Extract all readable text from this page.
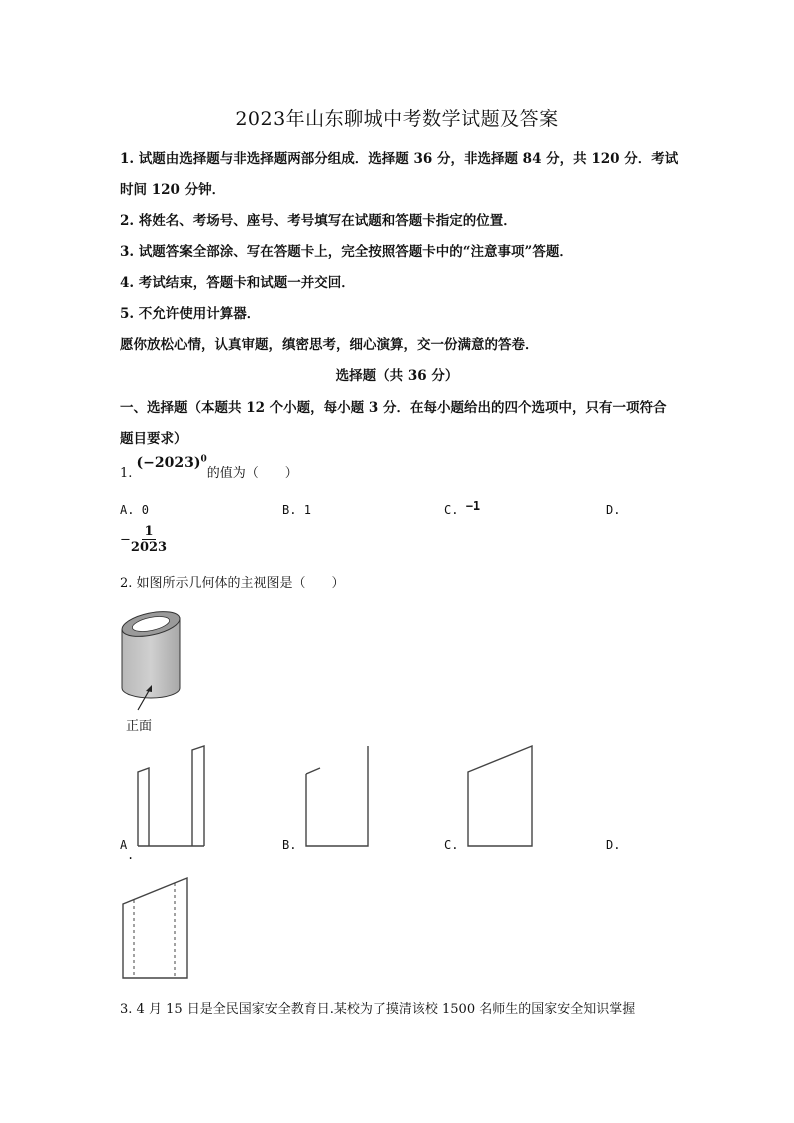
2023年山东聊城中考数学试题及答案
1. 试题由选择题与非选择题两部分组成．选择题 36 分，非选择题 84 分，共 120 分．考试
时间 120 分钟．
2. 将姓名、考场号、座号、考号填写在试题和答题卡指定的位置．
3. 试题答案全部涂、写在答题卡上，完全按照答题卡中的“注意事项”答题．
4. 考试结束，答题卡和试题一并交回．
5. 不允许使用计算器．
愿你放松心情，认真审题，缜密思考，细心演算，交一份满意的答卷．
选择题（共 36 分）
一、选择题（本题共 12 个小题，每小题 3 分．在每小题给出的四个选项中，只有一项符合
题目要求）
1. $(-2023)^0$的值为（　　）
A. 0	B. 1	C. −1	D.
− $\frac{1}{2023}$
2. 如图所示几何体的主视图是（　　）
正面
A
.
B.	C.	D.
3. 4 月 15 日是全民国家安全教育日.某校为了摸清该校 1500 名师生的国家安全知识掌握
